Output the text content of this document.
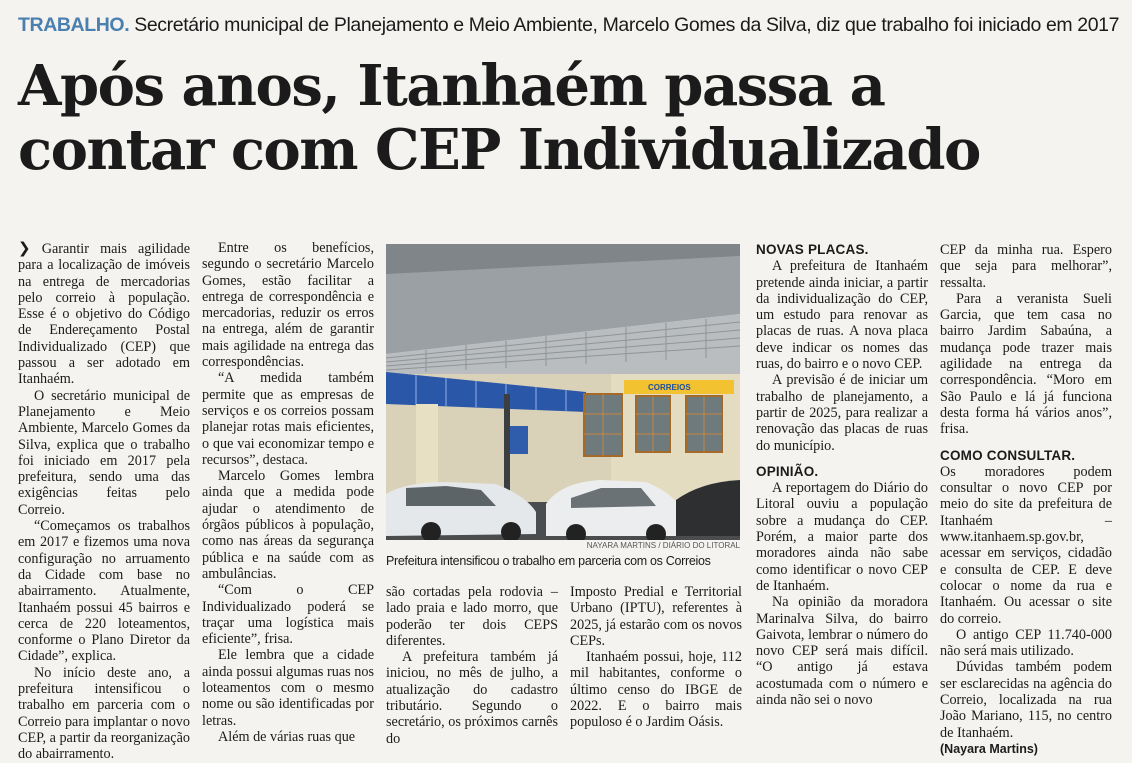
TRABALHO. Secretário municipal de Planejamento e Meio Ambiente, Marcelo Gomes da Silva, diz que trabalho foi iniciado em 2017
Após anos, Itanhaém passa a
contar com CEP Individualizado

❯ Garantir mais agilidade para a localização de imóveis na entrega de mercadorias pelo correio à população. Esse é o objetivo do Código de Endereçamento Postal Individualizado (CEP) que passou a ser adotado em Itanhaém.

O secretário municipal de Planejamento e Meio Ambiente, Marcelo Gomes da Silva, explica que o trabalho foi iniciado em 2017 pela prefeitura, sendo uma das exigências feitas pelo Correio.

“Começamos os trabalhos em 2017 e fizemos uma nova configuração no arruamento da Cidade com base no abairramento. Atualmente, Itanhaém possui 45 bairros e cerca de 220 loteamentos, conforme o Plano Diretor da Cidade”, explica.

No início deste ano, a prefeitura intensificou o trabalho em parceria com o Correio para implantar o novo CEP, a partir da reorganização do abairramento.

Entre os benefícios, segundo o secretário Marcelo Gomes, estão facilitar a entrega de correspondência e mercadorias, reduzir os erros na entrega, além de garantir mais agilidade na entrega das correspondências.

“A medida também permite que as empresas de serviços e os correios possam planejar rotas mais eficientes, o que vai economizar tempo e recursos”, destaca.

Marcelo Gomes lembra ainda que a medida pode ajudar o atendimento de órgãos públicos à população, como nas áreas da segurança pública e na saúde com as ambulâncias.

“Com o CEP Individualizado poderá se traçar uma logística mais eficiente”, frisa.

Ele lembra que a cidade ainda possui algumas ruas nos loteamentos com o mesmo nome ou são identificadas por letras.

Além de várias ruas que

CORREIOS
NAYARA MARTINS / DIÁRIO DO LITORAL
Prefeitura intensificou o trabalho em parceria com os Correios

são cortadas pela rodovia – lado praia e lado morro, que poderão ter dois CEPS diferentes.

A prefeitura também já iniciou, no mês de julho, a atualização do cadastro tributário. Segundo o secretário, os próximos carnês do

Imposto Predial e Territorial Urbano (IPTU), referentes à 2025, já estarão com os novos CEPs.

Itanhaém possui, hoje, 112 mil habitantes, conforme o último censo do IBGE de 2022. E o bairro mais populoso é o Jardim Oásis.

NOVAS PLACAS.

A prefeitura de Itanhaém pretende ainda iniciar, a partir da individualização do CEP, um estudo para renovar as placas de ruas. A nova placa deve indicar os nomes das ruas, do bairro e o novo CEP.

A previsão é de iniciar um trabalho de planejamento, a partir de 2025, para realizar a renovação das placas de ruas do município.

OPINIÃO.

A reportagem do Diário do Litoral ouviu a população sobre a mudança do CEP. Porém, a maior parte dos moradores ainda não sabe como identificar o novo CEP de Itanhaém.

Na opinião da moradora Marinalva Silva, do bairro Gaivota, lembrar o número do novo CEP será mais difícil. “O antigo já estava acostumada com o número e ainda não sei o novo

CEP da minha rua. Espero que seja para melhorar”, ressalta.

Para a veranista Sueli Garcia, que tem casa no bairro Jardim Sabaúna, a mudança pode trazer mais agilidade na entrega da correspondência. “Moro em São Paulo e lá já funciona desta forma há vários anos”, frisa.

COMO CONSULTAR.

Os moradores podem consultar o novo CEP por meio do site da prefeitura de Itanhaém – www.itanhaem.sp.gov.br, acessar em serviços, cidadão e consulta de CEP. E deve colocar o nome da rua e Itanhaém. Ou acessar o site do correio.

O antigo CEP 11.740-000 não será mais utilizado.

Dúvidas também podem ser esclarecidas na agência do Correio, localizada na rua João Mariano, 115, no centro de Itanhaém.

(Nayara Martins)
